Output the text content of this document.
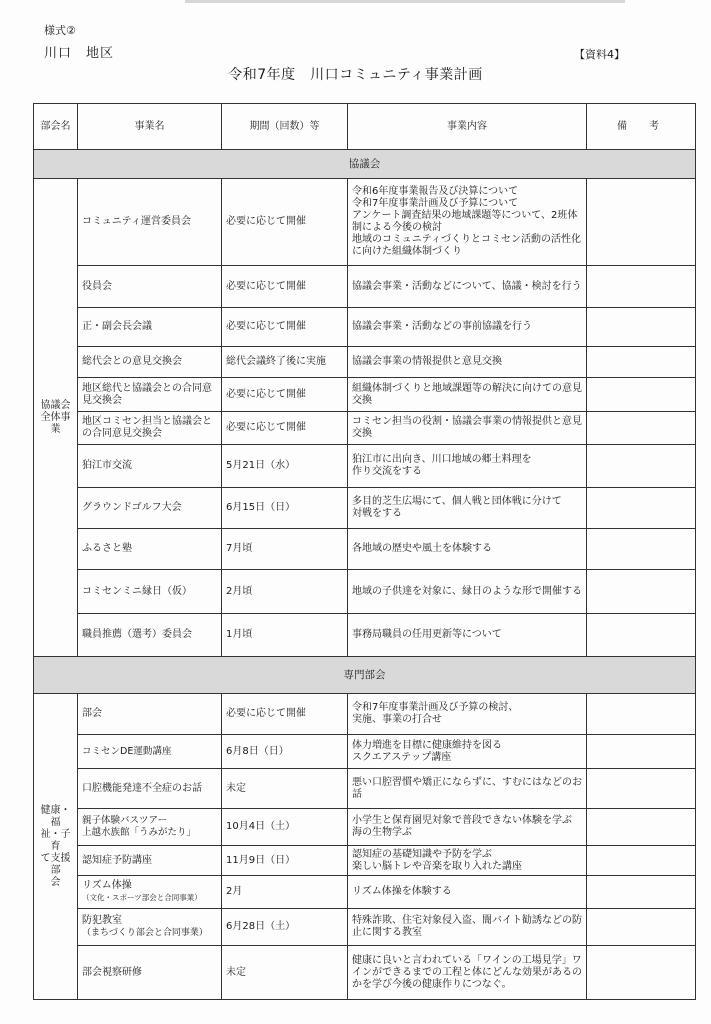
様式②
川口　地区	【資料4】
令和7年度　川口コミュニティ事業計画
部会名	事業名	期間（回数）等	事業内容	備　考
協議会				
協議会
全体事業	コミュニティ運営委員会	必要に応じて開催	令和6年度事業報告及び決算について
令和7年度事業計画及び予算について
アンケート調査結果の地域課題等について、2班体制による今後の検討
地域のコミュニティづくりとコミセン活動の活性化に向けた組織体制づくり	
	役員会	必要に応じて開催	協議会事業・活動などについて、協議・検討を行う	
	正・副会長会議	必要に応じて開催	協議会事業・活動などの事前協議を行う	
	総代会との意見交換会	総代会議終了後に実施	協議会事業の情報提供と意見交換	
	地区総代と協議会との合同意見交換会	必要に応じて開催	組織体制づくりと地域課題等の解決に向けての意見交換	
	地区コミセン担当と協議会との合同意見交換会	必要に応じて開催	コミセン担当の役割・協議会事業の情報提供と意見交換	
	狛江市交流	5月21日（水）	狛江市に出向き、川口地域の郷土料理を
作り交流をする	
	グラウンドゴルフ大会	6月15日（日）	多目的芝生広場にて、個人戦と団体戦に分けて
対戦をする	
	ふるさと塾	7月頃	各地域の歴史や風土を体験する	
	コミセンミニ縁日（仮）	2月頃	地域の子供達を対象に、縁日のような形で開催する	
	職員推薦（選考）委員会	1月頃	事務局職員の任用更新等について	
専門部会				
健康・福
祉・子育
て支援部
会	部会	必要に応じて開催	令和7年度事業計画及び予算の検討、
実施、事業の打合せ	
	コミセンDE運動講座	6月8日（日）	体力増進を目標に健康維持を図る
スクエアステップ講座	
	口腔機能発達不全症のお話	未定	悪い口腔習慣や矯正にならずに、すむにはなどのお話	
	親子体験バスツアー
上越水族館「うみがたり」	10月4日（土）	小学生と保育園児対象で普段できない体験を学ぶ
海の生物学ぶ	
	認知症予防講座	11月9日（日）	認知症の基礎知識や予防を学ぶ
楽しい脳トレや音楽を取り入れた講座	

	リズム体操
（文化・スポーツ部会と合同事業）	2月	リズム体操を体験する	

	防犯教室
（まちづくり部会と合同事業）	6月28日（土）	特殊詐欺、住宅対象侵入盗、闇バイト勧誘などの防止に関する教室	
	部会視察研修	未定	健康に良いと言われている「ワインの工場見学」ワインができるまでの工程と体にどんな効果があるのかを学び今後の健康作りにつなぐ。	
